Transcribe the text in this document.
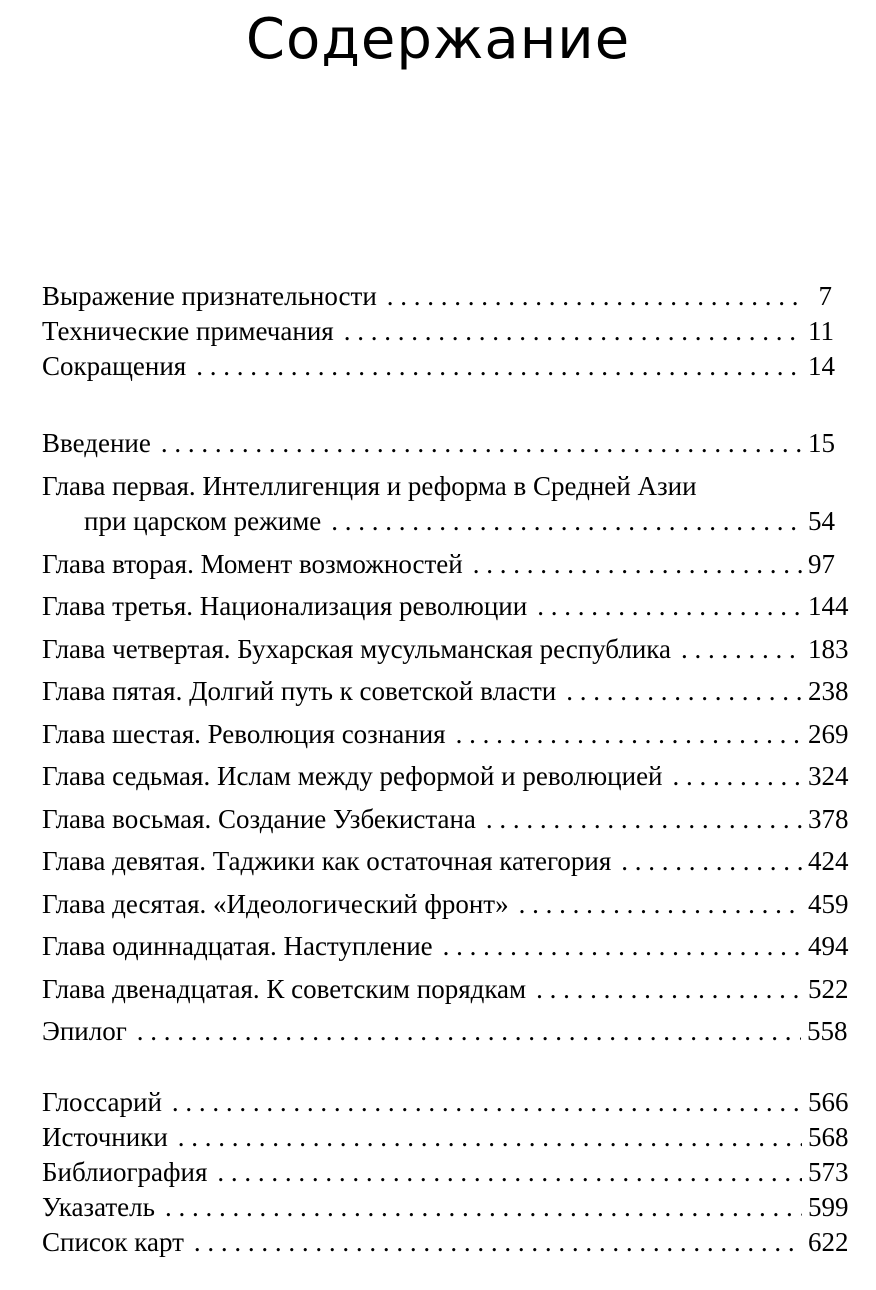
Содержание
Выражение признательности . . .	7
Технические примечания . . .	11
Сокращения . . .	14
Введение . . .	15
Глава первая. Интеллигенция и реформа в Средней Азии
при царском режиме . . .	54
Глава вторая. Момент возможностей . . .	97
Глава третья. Национализация революции . . .	144
Глава четвертая. Бухарская мусульманская республика . . .	183
Глава пятая. Долгий путь к советской власти . . .	238
Глава шестая. Революция сознания . . .	269
Глава седьмая. Ислам между реформой и революцией . . .	324
Глава восьмая. Создание Узбекистана . . .	378
Глава девятая. Таджики как остаточная категория . . .	424
Глава десятая. «Идеологический фронт» . . .	459
Глава одиннадцатая. Наступление . . .	494
Глава двенадцатая. К советским порядкам . . .	522
Эпилог . . .	558
Глоссарий . . .	566
Источники . . .	568
Библиография . . .	573
Указатель . . .	599
Список карт . . .	622
